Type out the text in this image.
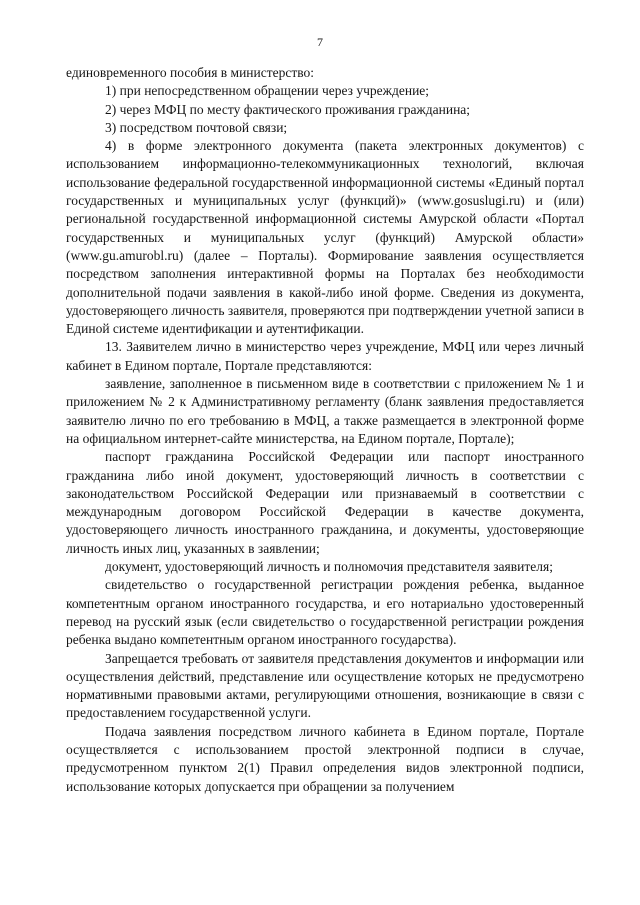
7

единовременного пособия в министерство:

1) при непосредственном обращении через учреждение;

2) через МФЦ по месту фактического проживания гражданина;

3) посредством почтовой связи;

4) в форме электронного документа (пакета электронных документов) с использованием информационно-телекоммуникационных технологий, включая использование федеральной государственной информационной системы «Единый портал государственных и муниципальных услуг (функций)» (www.gosuslugi.ru) и (или) региональной государственной информационной системы Амурской области «Портал государственных и муниципальных услуг (функций) Амурской области» (www.gu.amurobl.ru) (далее – Порталы). Формирование заявления осуществляется посредством заполнения интерактивной формы на Порталах без необходимости дополнительной подачи заявления в какой-либо иной форме. Сведения из документа, удостоверяющего личность заявителя, проверяются при подтверждении учетной записи в Единой системе идентификации и аутентификации.

13. Заявителем лично в министерство через учреждение, МФЦ или через личный кабинет в Едином портале, Портале представляются:

заявление, заполненное в письменном виде в соответствии с приложением № 1 и приложением № 2 к Административному регламенту (бланк заявления предоставляется заявителю лично по его требованию в МФЦ, а также размещается в электронной форме на официальном интернет-сайте министерства, на Едином портале, Портале);

паспорт гражданина Российской Федерации или паспорт иностранного гражданина либо иной документ, удостоверяющий личность в соответствии с законодательством Российской Федерации или признаваемый в соответствии с международным договором Российской Федерации в качестве документа, удостоверяющего личность иностранного гражданина, и документы, удостоверяющие личность иных лиц, указанных в заявлении;

документ, удостоверяющий личность и полномочия представителя заявителя;

свидетельство о государственной регистрации рождения ребенка, выданное компетентным органом иностранного государства, и его нотариально удостоверенный перевод на русский язык (если свидетельство о государственной регистрации рождения ребенка выдано компетентным органом иностранного государства).

Запрещается требовать от заявителя представления документов и информации или осуществления действий, представление или осуществление которых не предусмотрено нормативными правовыми актами, регулирующими отношения, возникающие в связи с предоставлением государственной услуги.

Подача заявления посредством личного кабинета в Едином портале, Портале осуществляется с использованием простой электронной подписи в случае, предусмотренном пунктом 2(1) Правил определения видов электронной подписи, использование которых допускается при обращении за получением
